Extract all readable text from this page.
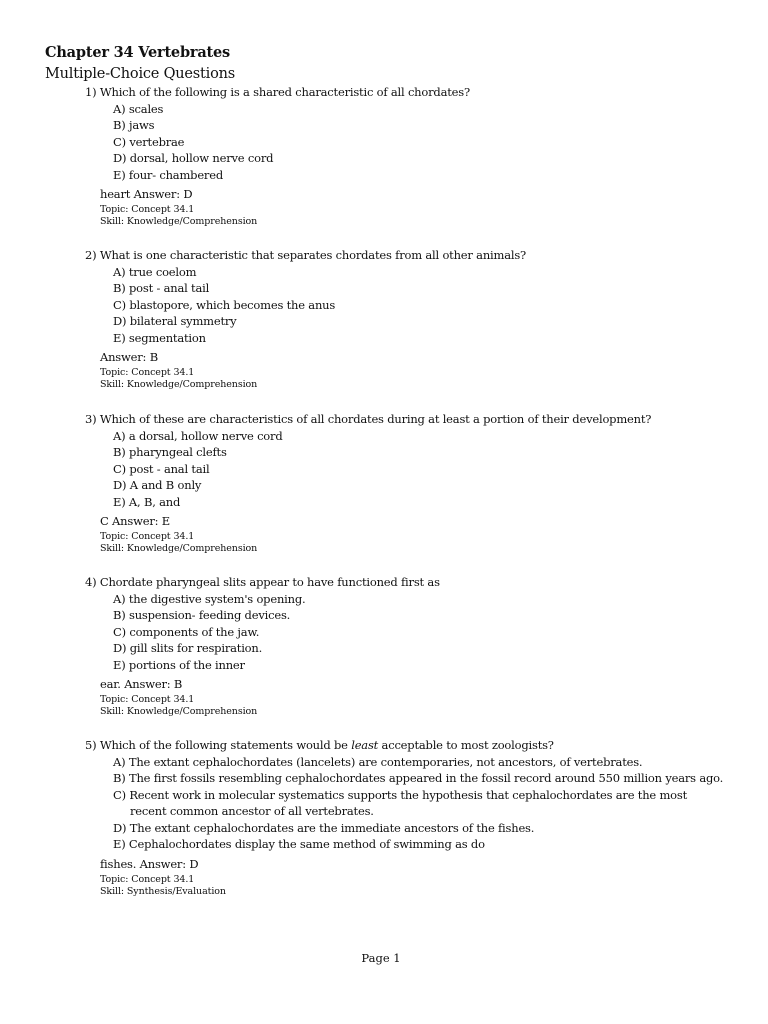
Chapter 34 Vertebrates
Multiple-Choice Questions
1) Which of the following is a shared characteristic of all chordates?
A) scales
B) jaws
C) vertebrae
D) dorsal, hollow nerve cord
E) four- chambered
heart Answer: D
Topic: Concept 34.1
Skill: Knowledge/Comprehension
2) What is one characteristic that separates chordates from all other animals?
A) true coelom
B) post - anal tail
C) blastopore, which becomes the anus
D) bilateral symmetry
E) segmentation
Answer: B
Topic: Concept 34.1
Skill: Knowledge/Comprehension
3) Which of these are characteristics of all chordates during at least a portion of their development?
A) a dorsal, hollow nerve cord
B) pharyngeal clefts
C) post - anal tail
D) A and B only
E) A, B, and
C Answer: E
Topic: Concept 34.1
Skill: Knowledge/Comprehension
4) Chordate pharyngeal slits appear to have functioned first as
A) the digestive system's opening.
B) suspension- feeding devices.
C) components of the jaw.
D) gill slits for respiration.
E) portions of the inner
ear. Answer: B
Topic: Concept 34.1
Skill: Knowledge/Comprehension
5) Which of the following statements would be least acceptable to most zoologists?
A) The extant cephalochordates (lancelets) are contemporaries, not ancestors, of vertebrates.
B) The first fossils resembling cephalochordates appeared in the fossil record around 550 million years ago.
C) Recent work in molecular systematics supports the hypothesis that cephalochordates are the most recent common ancestor of all vertebrates.
D) The extant cephalochordates are the immediate ancestors of the fishes.
E) Cephalochordates display the same method of swimming as do
fishes. Answer: D
Topic: Concept 34.1
Skill: Synthesis/Evaluation
Page 1
